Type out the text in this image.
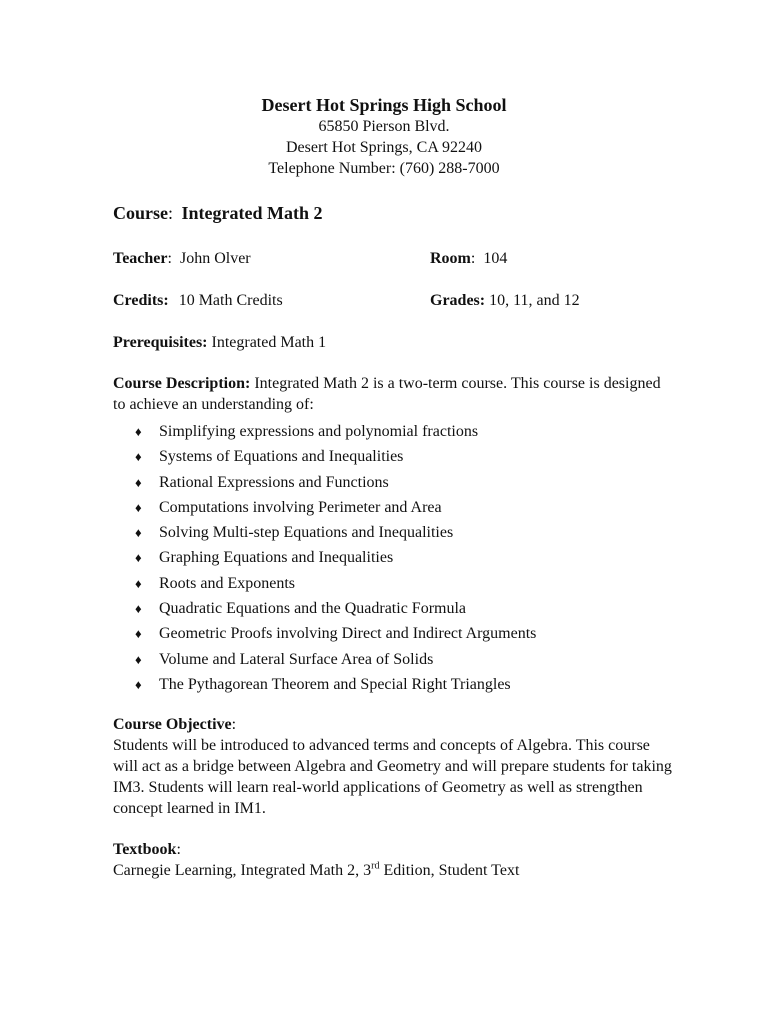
Desert Hot Springs High School
65850 Pierson Blvd.
Desert Hot Springs, CA 92240
Telephone Number: (760) 288-7000
Course: Integrated Math 2
Teacher: John Olver	Room: 104
Credits: 10 Math Credits	Grades: 10, 11, and 12
Prerequisites: Integrated Math 1
Course Description: Integrated Math 2 is a two-term course. This course is designed to achieve an understanding of:
♦ Simplifying expressions and polynomial fractions
♦ Systems of Equations and Inequalities
♦ Rational Expressions and Functions
♦ Computations involving Perimeter and Area
♦ Solving Multi-step Equations and Inequalities
♦ Graphing Equations and Inequalities
♦ Roots and Exponents
♦ Quadratic Equations and the Quadratic Formula
♦ Geometric Proofs involving Direct and Indirect Arguments
♦ Volume and Lateral Surface Area of Solids
♦ The Pythagorean Theorem and Special Right Triangles
Course Objective:
Students will be introduced to advanced terms and concepts of Algebra. This course will act as a bridge between Algebra and Geometry and will prepare students for taking IM3. Students will learn real-world applications of Geometry as well as strengthen concept learned in IM1.
Textbook:
Carnegie Learning, Integrated Math 2, 3rd Edition, Student Text
